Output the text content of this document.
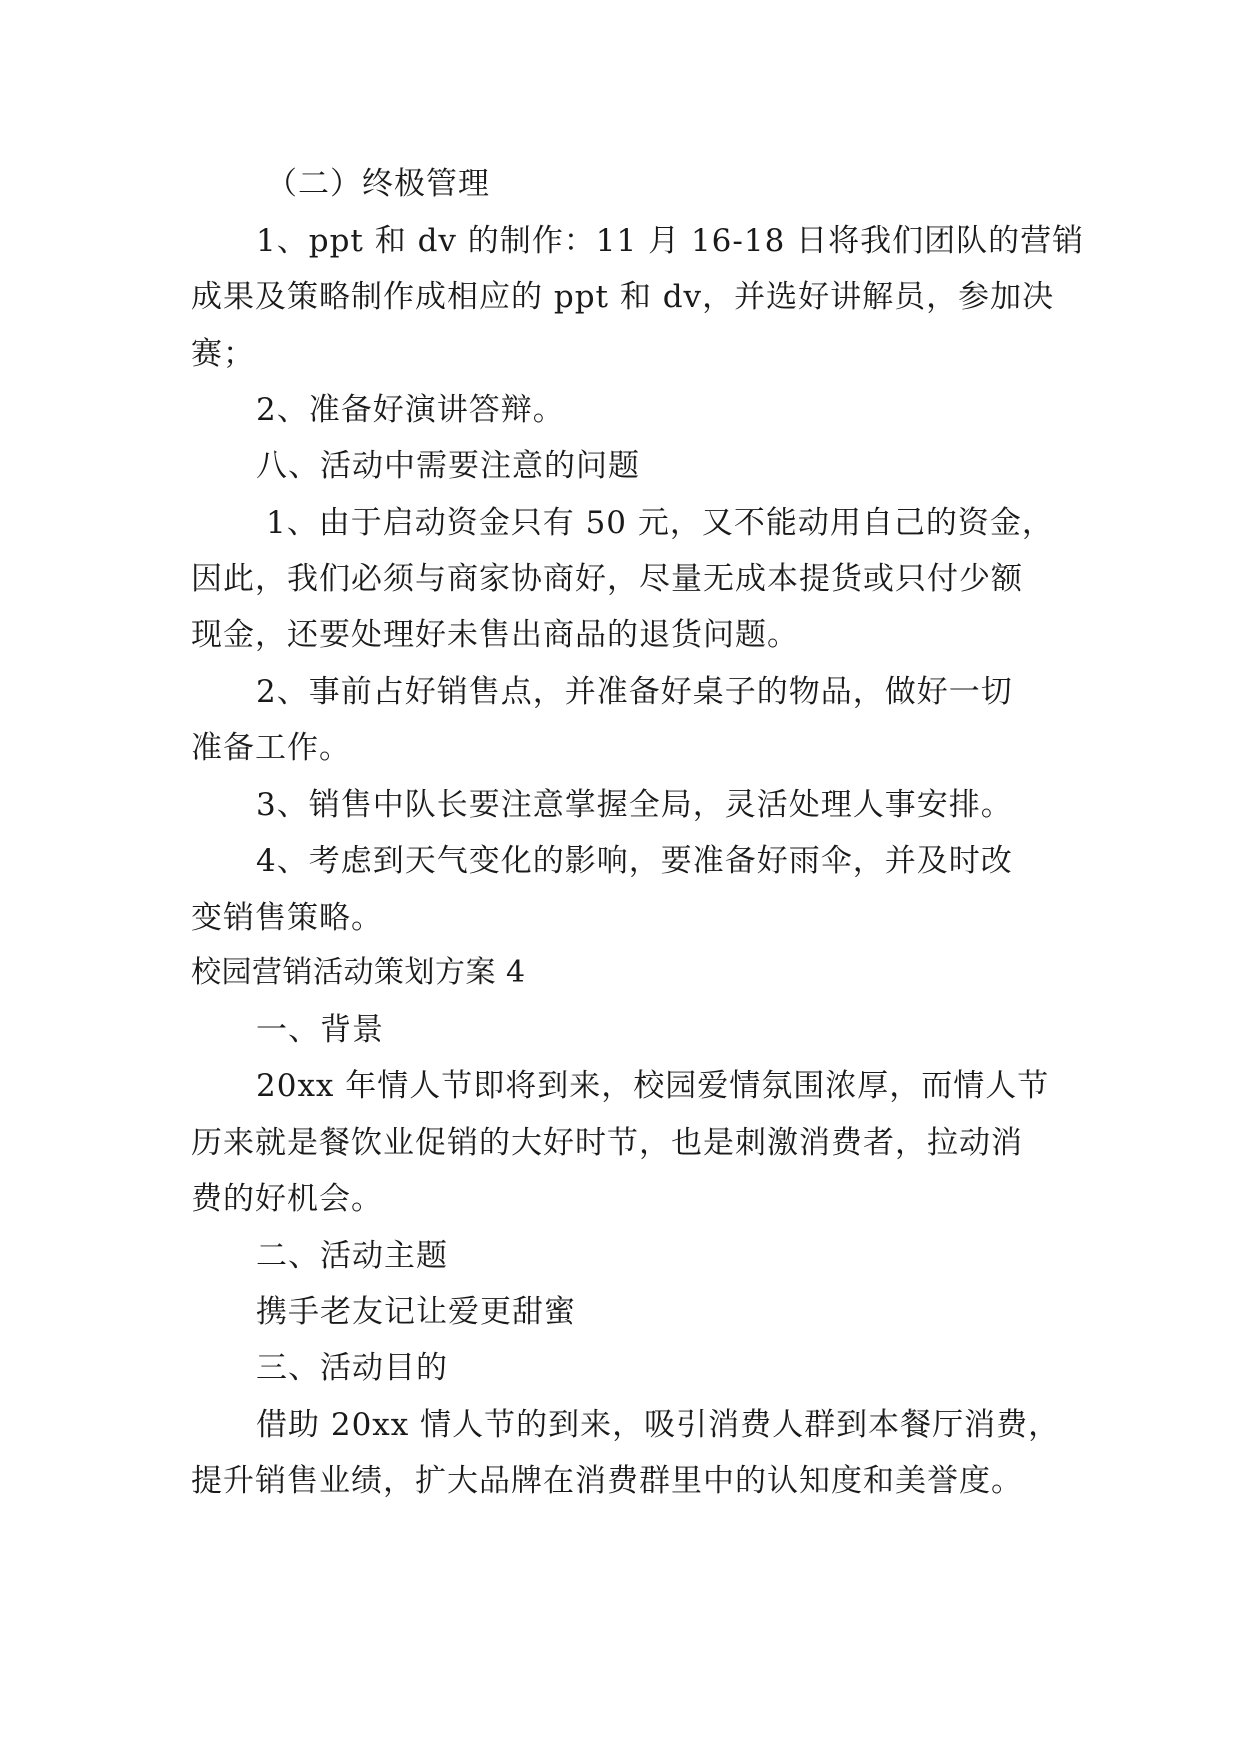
（二）终极管理
1、ppt 和 dv 的制作：11 月 16-18 日将我们团队的营销
成果及策略制作成相应的 ppt 和 dv，并选好讲解员，参加决
赛；
2、准备好演讲答辩。
八、活动中需要注意的问题
1、由于启动资金只有 50 元，又不能动用自己的资金，
因此，我们必须与商家协商好，尽量无成本提货或只付少额
现金，还要处理好未售出商品的退货问题。
2、事前占好销售点，并准备好桌子的物品，做好一切
准备工作。
3、销售中队长要注意掌握全局，灵活处理人事安排。
4、考虑到天气变化的影响，要准备好雨伞，并及时改
变销售策略。
校园营销活动策划方案 4
一、背景
20xx 年情人节即将到来，校园爱情氛围浓厚，而情人节
历来就是餐饮业促销的大好时节，也是刺激消费者，拉动消
费的好机会。
二、活动主题
携手老友记让爱更甜蜜
三、活动目的
借助 20xx 情人节的到来，吸引消费人群到本餐厅消费，
提升销售业绩，扩大品牌在消费群里中的认知度和美誉度。
